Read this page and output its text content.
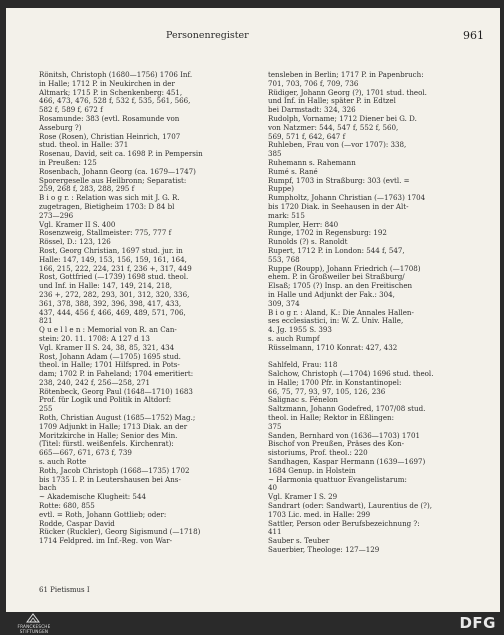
Personenregister	961
Rönitsh, Christoph (1680—1756) 1706 Inf.
in Halle; 1712 P. in Neukirchen in der
Altmark; 1715 P. in Schenkenberg: 451,
466, 473, 476, 528 f, 532 f, 535, 561, 566,
582 f, 589 f, 672 f
Rosamunde: 383 (evtl. Rosamunde von
Asseburg ?)
Rose (Rosen), Christian Heinrich, 1707
stud. theol. in Halle: 371
Rosenau, David, seit ca. 1698 P. in Pempersin
in Preußen: 125
Rosenbach, Johann Georg (ca. 1679—1747)
Sporergeselle aus Heilbronn; Separatist:
259, 268 f, 283, 288, 295 f
B i o g r. : Relation was sich mit J. G. R.
zugetragen, Bietigheim 1703: D 84 bl
273—296
Vgl. Kramer II S. 400
Rosenzweig, Stallmeister: 775, 777 f
Rössel, D.: 123, 126
Rost, Georg Christian, 1697 stud. jur. in
Halle: 147, 149, 153, 156, 159, 161, 164,
166, 215, 222, 224, 231 f, 236 +, 317, 449
Rost, Gottfried (—1739) 1698 stud. theol.
und Inf. in Halle: 147, 149, 214, 218,
236 +, 272, 282, 293, 301, 312, 320, 336,
361, 378, 388, 392, 396, 398, 417, 433,
437, 444, 456 f, 466, 469, 489, 571, 706,
821
Q u e l l e n : Memorial von R. an Can-
stein: 20. 11. 1708: A 127 d 13
Vgl. Kramer II S. 24, 38, 85, 321, 434
Rost, Johann Adam (—1705) 1695 stud.
theol. in Halle; 1701 Hilfspred. in Pots-
dam; 1702 P. in Faheland; 1704 emeritiert:
238, 240, 242 f, 256—258, 271
Rötenbeck, Georg Paul (1648—1710) 1683
Prof. für Logik und Politik in Altdorf:
255
Roth, Christian August (1685—1752) Mag.;
1709 Adjunkt in Halle; 1713 Diak. an der
Moritzkirche in Halle; Senior des Min.
(Titel: fürstl. weißenfels. Kirchenrat):
665—667, 671, 673 f, 739
s. auch Rotte
Roth, Jacob Christoph (1668—1735) 1702
bis 1735 I. P. in Leutershausen bei Ans-
bach
~ Akademische Klugheit: 544
Rotte: 680, 855
evtl. = Roth, Johann Gottlieb; oder:
Rodde, Caspar David
Rücker (Ruckler), Georg Sigismund (—1718)
1714 Feldpred. im Inf.-Reg. von War-
tensleben in Berlin; 1717 P. in Papenbruch:
701, 703, 706 f, 709, 736
Rüdiger, Johann Georg (?), 1701 stud. theol.
und Inf. in Halle; später P. in Edtzel
bei Darmstadt: 324, 326
Rudolph, Vorname; 1712 Diener bei G. D.
von Natzmer: 544, 547 f, 552 f, 560,
569, 571 f, 642, 647 f
Ruhleben, Frau von (—vor 1707): 338,
385
Ruhemann s. Rahemann
Rumé s. Rané
Rumpf, 1703 in Straßburg: 303 (evtl. =
Ruppe)
Rumpholtz, Johann Christian (—1763) 1704
bis 1720 Diak. in Seehausen in der Alt-
mark: 515
Rumpler, Herr: 840
Runge, 1702 in Regensburg: 192
Runolds (?) s. Ranoldt
Rupert, 1712 P. in London: 544 f, 547,
553, 768
Ruppe (Roupp), Johann Friedrich (—1708)
ehem. P. in Großweiler bei Straßburg/
Elsaß; 1705 (?) Insp. an den Freitischen
in Halle und Adjunkt der Fak.: 304,
309, 374
B i o g r. : Aland, K.: Die Annales Hallen-
ses ecclesiastici, in: W. Z. Univ. Halle,
4. Jg. 1955 S. 393
s. auch Rumpf
Rüsselmann, 1710 Konrat: 427, 432
Sahlfeld, Frau: 118
Salchow, Christoph (—1704) 1696 stud. theol.
in Halle; 1700 Pfr. in Konstantinopel:
66, 75, 77, 93, 97, 105, 126, 236
Salignac s. Fénelon
Saltzmann, Johann Godefred, 1707/08 stud.
theol. in Halle; Rektor in Eßlingen:
375
Sanden, Bernhard von (1636—1703) 1701
Bischof von Preußen, Präses des Kon-
sistoriums, Prof. theol.: 220
Sandhagen, Kaspar Hermann (1639—1697)
1684 Genup. in Holstein
~ Harmonia quattuor Evangelistarum:
40
Vgl. Kramer I S. 29
Sandrart (oder: Sandwart), Laurentius de (?),
1703 Lic. med. in Halle: 299
Sattler, Person oder Berufsbezeichnung ?:
411
Sauber s. Teuber
Sauerbier, Theologe: 127—129
61 Pietismus I
FRANCKESCHE
STIFTUNGEN	DFG
